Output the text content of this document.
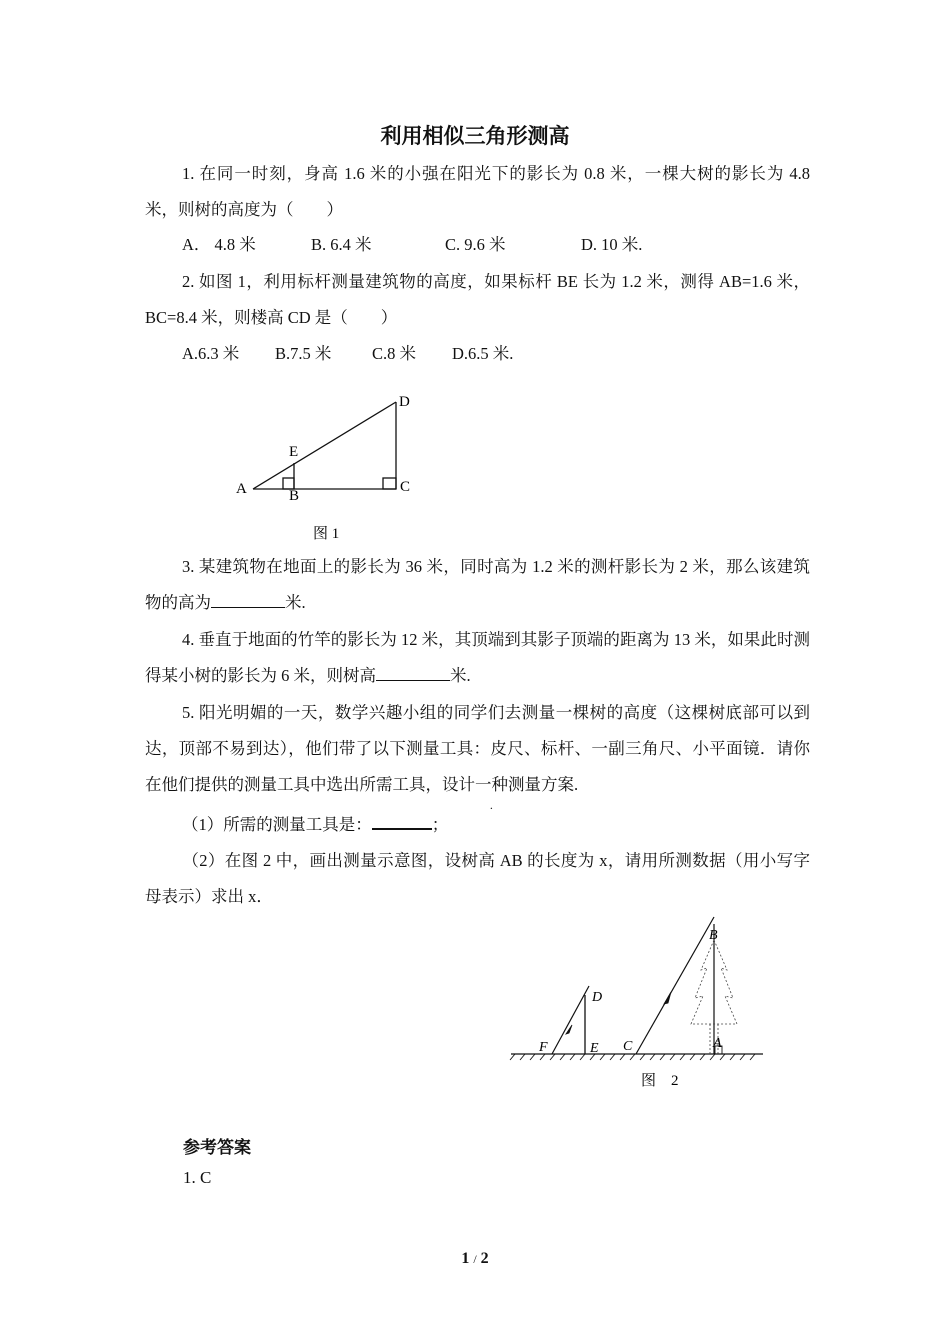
利用相似三角形测高
1. 在同一时刻，身高 1.6 米的小强在阳光下的影长为 0.8 米，一棵大树的影长为 4.8 米，则树的高度为（　　）
A． 4.8 米	B. 6.4 米	C. 9.6 米	D. 10 米.
2. 如图 1，利用标杆测量建筑物的高度，如果标杆 BE 长为 1.2 米，测得 AB=1.6 米，BC=8.4 米，则楼高 CD 是（　　）
A.6.3 米 B.7.5 米 C.8 米 D.6.5 米.
A	B
C
D
E
图 1
3. 某建筑物在地面上的影长为 36 米，同时高为 1.2 米的测杆影长为 2 米，那么该建筑物的高为	米.
4. 垂直于地面的竹竿的影长为 12 米，其顶端到其影子顶端的距离为 13 米，如果此时测得某小树的影长为 6 米，则树高	米.
5. 阳光明媚的一天，数学兴趣小组的同学们去测量一棵树的高度（这棵树底部可以到达，顶部不易到达），他们带了以下测量工具：皮尺、标杆、一副三角尺、小平面镜．请你在他们提供的测量工具中选出所需工具，设计一种测量方案.
（1）所需的测量工具是：	；
（2）在图 2 中，画出测量示意图，设树高 AB 的长度为 x，请用所测数据（用小写字母表示）求出 x．
D
E
F	C
B
A
图　2
参考答案
1. C
1 / 2
